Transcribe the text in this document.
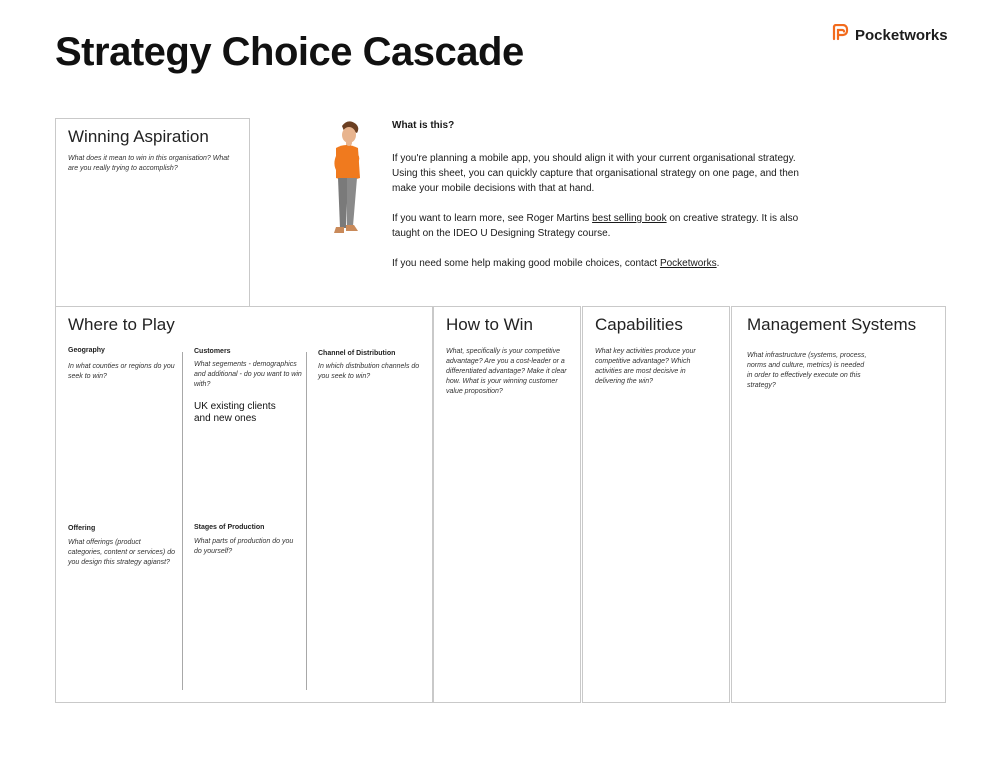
Strategy Choice Cascade	Pocketworks
Winning Aspiration
What does it mean to win in this organisation? What are you really trying to accomplish?

What is this?

If you're planning a mobile app, you should align it with your current organisational strategy. Using this sheet, you can quickly capture that organisational strategy on one page, and then make your mobile decisions with that at hand.

If you want to learn more, see Roger Martins best selling book on creative strategy. It is also taught on the IDEO U Designing Strategy course.

If you need some help making good mobile choices, contact Pocketworks.

Where to Play
Geography
In what counties or regions do you seek to win?
Customers
What segements - demographics and additional - do you want to win with?
UK existing clients and new ones
Channel of Distribution
In which distribution channels do you seek to win?
Offering
What offerings (product categories, content or services) do you design this strategy agianst?
Stages of Production
What parts of production do you do yourself?
How to Win
What, specifically is your competitive advantage? Are you a cost-leader or a differentiated advantage? Make it clear how. What is your winning customer value proposition?
Capabilities
What key activities produce your competitive advantage? Which activities are most decisive in delivering the win?
Management Systems
What infrastructure (systems, process, norms and culture, metrics) is needed in order to effectively execute on this strategy?
